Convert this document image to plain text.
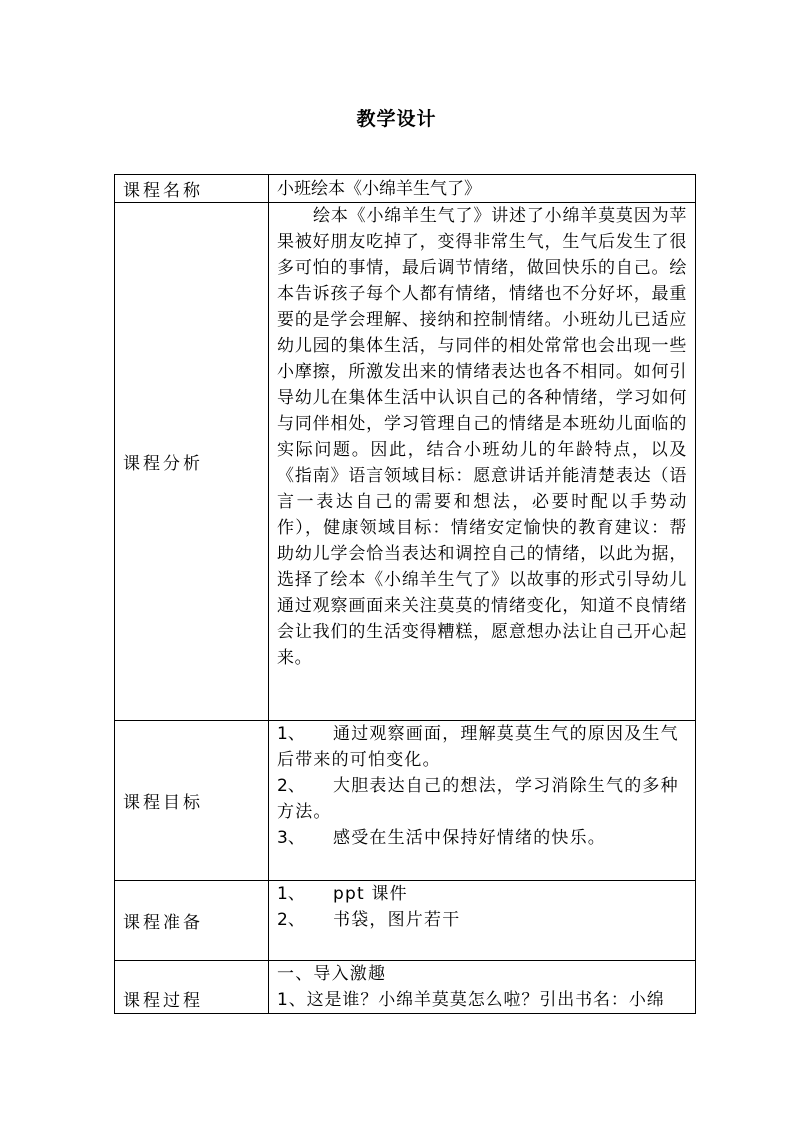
教学设计
课程名称	小班绘本《小绵羊生气了》
课程分析	绘本《小绵羊生气了》讲述了小绵羊莫莫因为苹果被好朋友吃掉了，变得非常生气，生气后发生了很多可怕的事情，最后调节情绪，做回快乐的自己。绘本告诉孩子每个人都有情绪，情绪也不分好坏，最重要的是学会理解、接纳和控制情绪。小班幼儿已适应幼儿园的集体生活，与同伴的相处常常也会出现一些小摩擦，所激发出来的情绪表达也各不相同。如何引导幼儿在集体生活中认识自己的各种情绪，学习如何与同伴相处，学习管理自己的情绪是本班幼儿面临的实际问题。因此，结合小班幼儿的年龄特点，以及《指南》语言领域目标：愿意讲话并能清楚表达（语言一表达自己的需要和想法，必要时配以手势动作），健康领域目标：情绪安定愉快的教育建议：帮助幼儿学会恰当表达和调控自己的情绪，以此为据，选择了绘本《小绵羊生气了》以故事的形式引导幼儿通过观察画面来关注莫莫的情绪变化，知道不良情绪会让我们的生活变得糟糕，愿意想办法让自己开心起来。

课程目标	1、 通过观察画面，理解莫莫生气的原因及生气后带来的可怕变化。
2、 大胆表达自己的想法，学习消除生气的多种方法。
3、 感受在生活中保持好情绪的快乐。

课程准备	1、 ppt 课件
2、 书袋，图片若干

课程过程	一、导入激趣
1、这是谁？小绵羊莫莫怎么啦？引出书名：小绵
